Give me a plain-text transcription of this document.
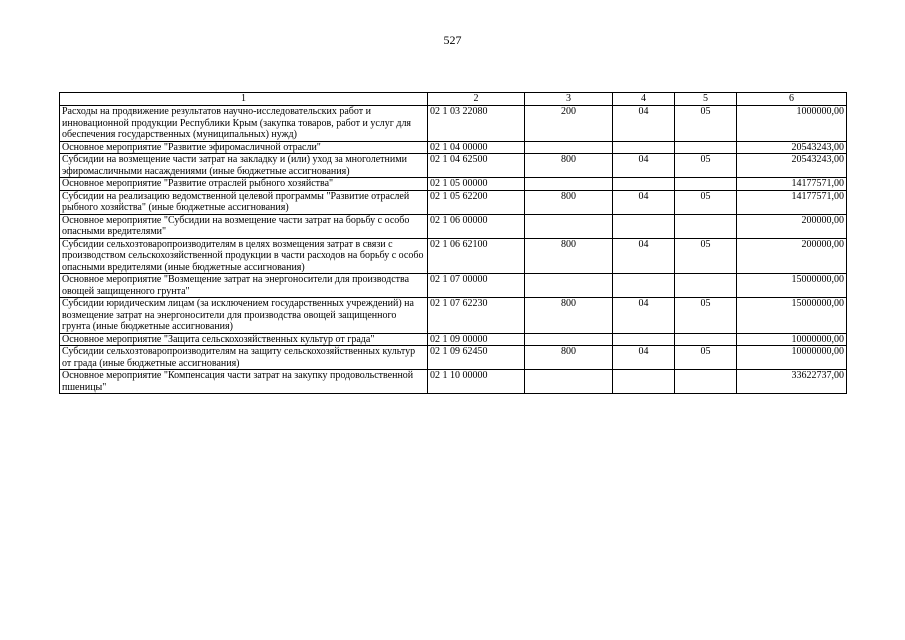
527
1	2	3	4	5	6
Расходы на продвижение результатов научно-исследовательских работ и инновационной продукции Республики Крым (закупка товаров, работ и услуг для обеспечения государственных (муниципальных) нужд)	02 1 03 22080	200	04	05	1000000,00
Основное мероприятие "Развитие эфиромасличной отрасли"	02 1 04 00000				20543243,00
Субсидии на возмещение части затрат на закладку и (или) уход за многолетними эфиромасличными насаждениями (иные бюджетные ассигнования)	02 1 04 62500	800	04	05	20543243,00
Основное мероприятие "Развитие отраслей рыбного хозяйства"	02 1 05 00000				14177571,00
Субсидии на реализацию ведомственной целевой программы "Развитие отраслей рыбного хозяйства" (иные бюджетные ассигнования)	02 1 05 62200	800	04	05	14177571,00
Основное мероприятие "Субсидии на возмещение части затрат на борьбу с особо опасными вредителями"	02 1 06 00000				200000,00
Субсидии сельхозтоваропроизводителям в целях возмещения затрат в связи с производством сельскохозяйственной продукции в части расходов на борьбу с особо опасными вредителями (иные бюджетные ассигнования)	02 1 06 62100	800	04	05	200000,00
Основное мероприятие "Возмещение затрат на энергоносители для производства овощей защищенного грунта"	02 1 07 00000				15000000,00
Субсидии юридическим лицам (за исключением государственных учреждений) на возмещение затрат на энергоносители для производства овощей защищенного грунта (иные бюджетные ассигнования)	02 1 07 62230	800	04	05	15000000,00
Основное мероприятие "Защита сельскохозяйственных культур от града"	02 1 09 00000				10000000,00
Субсидии сельхозтоваропроизводителям на защиту сельскохозяйственных культур от града (иные бюджетные ассигнования)	02 1 09 62450	800	04	05	10000000,00
Основное мероприятие "Компенсация части затрат на закупку продовольственной пшеницы"	02 1 10 00000				33622737,00
